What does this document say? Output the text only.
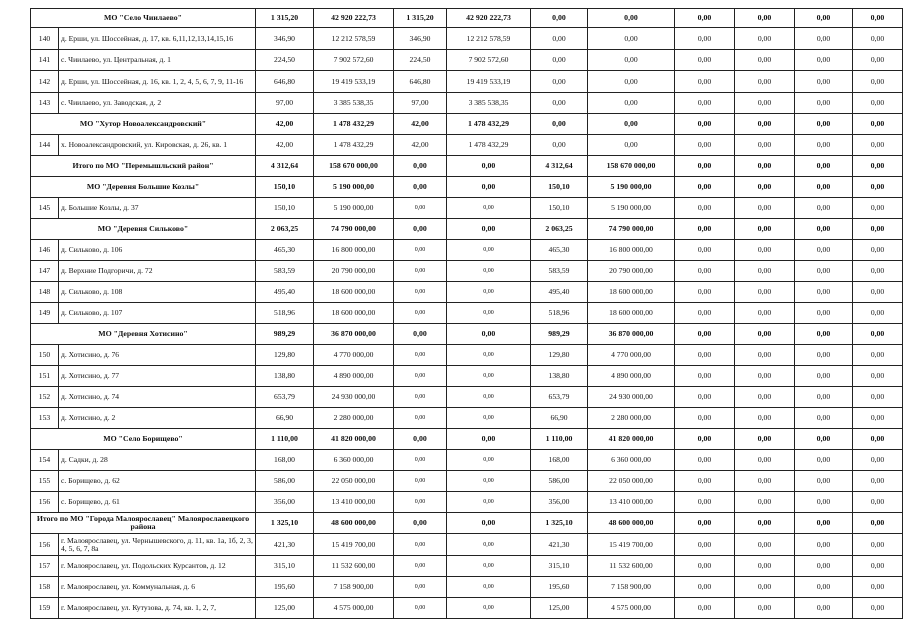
МО "Село Чиилаево"		1 315,20	42 920 222,73	1 315,20	42 920 222,73	0,00	0,00	0,00	0,00	0,00	0,00
140	д. Ерши, ул. Шоссейная, д. 17, кв. 6,11,12,13,14,15,16	346,90	12 212 578,59	346,90	12 212 578,59	0,00	0,00	0,00	0,00	0,00	0,00
141	с. Чиилаево, ул. Центральная, д. 1	224,50	7 902 572,60	224,50	7 902 572,60	0,00	0,00	0,00	0,00	0,00	0,00
142	д. Ерши, ул. Шоссейная, д. 16, кв. 1, 2, 4, 5, 6, 7, 9, 11-16	646,80	19 419 533,19	646,80	19 419 533,19	0,00	0,00	0,00	0,00	0,00	0,00
143	с. Чиилаево, ул. Заводская, д. 2	97,00	3 385 538,35	97,00	3 385 538,35	0,00	0,00	0,00	0,00	0,00	0,00
МО "Хутор Новоалександровский"		42,00	1 478 432,29	42,00	1 478 432,29	0,00	0,00	0,00	0,00	0,00	0,00
144	х. Новоалександровский, ул. Кировская, д. 26, кв. 1	42,00	1 478 432,29	42,00	1 478 432,29	0,00	0,00	0,00	0,00	0,00	0,00
Итого по МО "Перемышльский район"		4 312,64	158 670 000,00	0,00	0,00	4 312,64	158 670 000,00	0,00	0,00	0,00	0,00
МО "Деревня Большие Козлы"		150,10	5 190 000,00	0,00	0,00	150,10	5 190 000,00	0,00	0,00	0,00	0,00
145	д. Большие Козлы, д. 37	150,10	5 190 000,00	0,00	0,00	150,10	5 190 000,00	0,00	0,00	0,00	0,00
МО "Деревня Сильково"		2 063,25	74 790 000,00	0,00	0,00	2 063,25	74 790 000,00	0,00	0,00	0,00	0,00
146	д. Сильково, д. 106	465,30	16 800 000,00	0,00	0,00	465,30	16 800 000,00	0,00	0,00	0,00	0,00
147	д. Верхние Подгоричи, д. 72	583,59	20 790 000,00	0,00	0,00	583,59	20 790 000,00	0,00	0,00	0,00	0,00
148	д. Сильково, д. 108	495,40	18 600 000,00	0,00	0,00	495,40	18 600 000,00	0,00	0,00	0,00	0,00
149	д. Сильково, д. 107	518,96	18 600 000,00	0,00	0,00	518,96	18 600 000,00	0,00	0,00	0,00	0,00
МО "Деревня Хотисино"		989,29	36 870 000,00	0,00	0,00	989,29	36 870 000,00	0,00	0,00	0,00	0,00
150	д. Хотисино, д. 76	129,80	4 770 000,00	0,00	0,00	129,80	4 770 000,00	0,00	0,00	0,00	0,00
151	д. Хотисино, д. 77	138,80	4 890 000,00	0,00	0,00	138,80	4 890 000,00	0,00	0,00	0,00	0,00
152	д. Хотисино, д. 74	653,79	24 930 000,00	0,00	0,00	653,79	24 930 000,00	0,00	0,00	0,00	0,00
153	д. Хотисино, д. 2	66,90	2 280 000,00	0,00	0,00	66,90	2 280 000,00	0,00	0,00	0,00	0,00
МО "Село Борищево"		1 110,00	41 820 000,00	0,00	0,00	1 110,00	41 820 000,00	0,00	0,00	0,00	0,00
154	д. Садки, д. 28	168,00	6 360 000,00	0,00	0,00	168,00	6 360 000,00	0,00	0,00	0,00	0,00
155	с. Борищево, д. 62	586,00	22 050 000,00	0,00	0,00	586,00	22 050 000,00	0,00	0,00	0,00	0,00
156	с. Борищево, д. 61	356,00	13 410 000,00	0,00	0,00	356,00	13 410 000,00	0,00	0,00	0,00	0,00
Итого по МО "Города Малоярославец" Малоярославецкого района		1 325,10	48 600 000,00	0,00	0,00	1 325,10	48 600 000,00	0,00	0,00	0,00	0,00
156	г. Малоярославец, ул. Чернышевского, д. 11, кв. 1а, 1б, 2, 3, 4, 5, 6, 7, 8а	421,30	15 419 700,00	0,00	0,00	421,30	15 419 700,00	0,00	0,00	0,00	0,00
157	г. Малоярославец, ул. Подольских Курсантов, д. 12	315,10	11 532 600,00	0,00	0,00	315,10	11 532 600,00	0,00	0,00	0,00	0,00
158	г. Малоярославец, ул. Коммунальная, д. 6	195,60	7 158 900,00	0,00	0,00	195,60	7 158 900,00	0,00	0,00	0,00	0,00
159	г. Малоярославец, ул. Кутузова, д. 74, кв. 1, 2, 7,	125,00	4 575 000,00	0,00	0,00	125,00	4 575 000,00	0,00	0,00	0,00	0,00
